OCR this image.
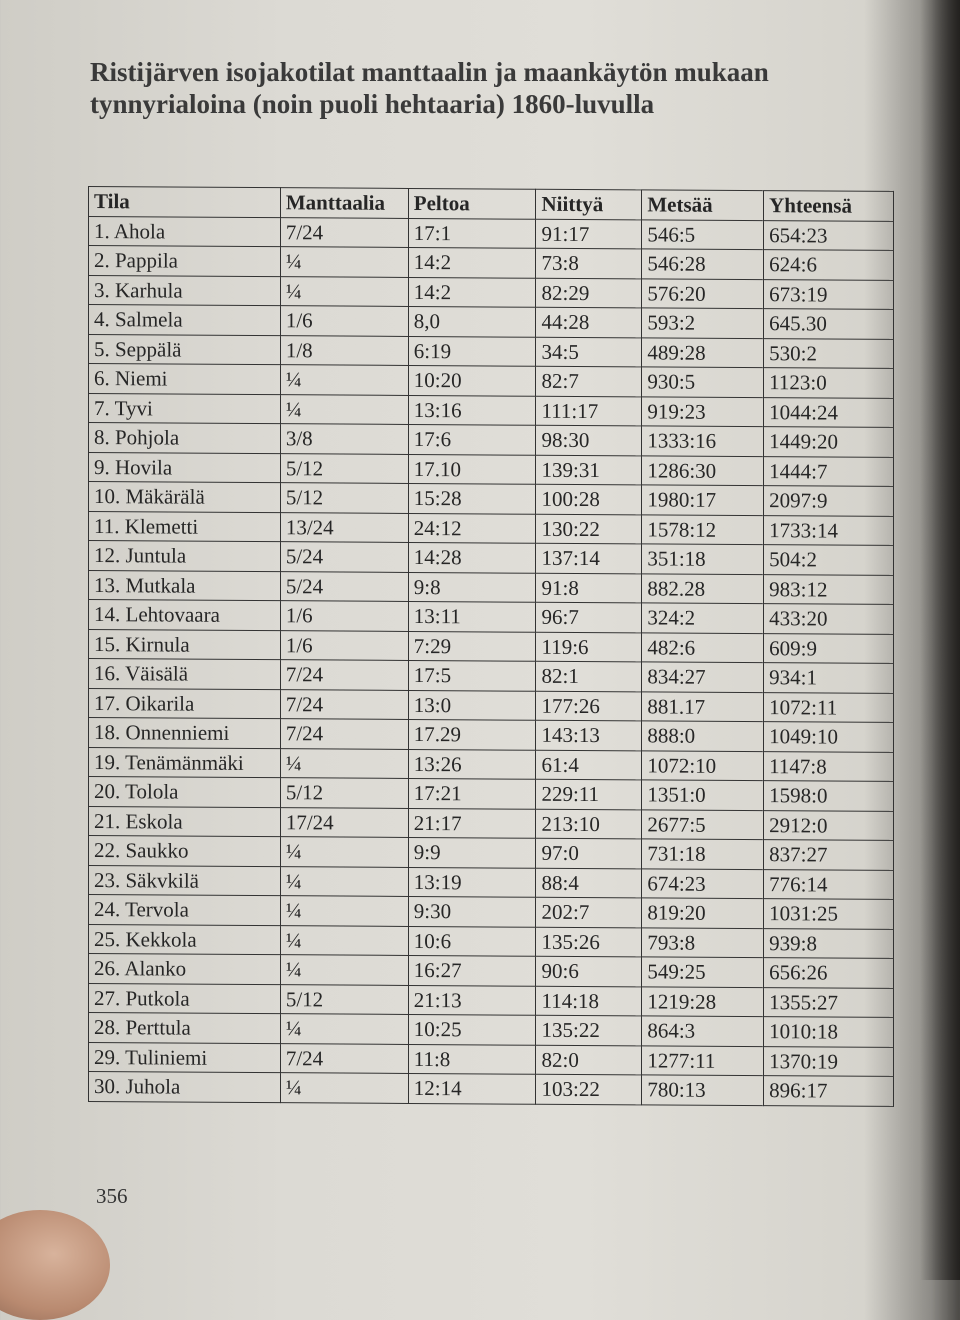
Ristijärven isojakotilat manttaalin ja maankäytön mukaan
tynnyrialoina (noin puoli hehtaaria) 1860-luvulla
Tila	Manttaalia	Peltoa	Niittyä	Metsää	Yhteensä
1. Ahola	7/24	17:1	91:17	546:5	654:23
2. Pappila	¼	14:2	73:8	546:28	624:6
3. Karhula	¼	14:2	82:29	576:20	673:19
4. Salmela	1/6	8,0	44:28	593:2	645.30
5. Seppälä	1/8	6:19	34:5	489:28	530:2
6. Niemi	¼	10:20	82:7	930:5	1123:0
7. Tyvi	¼	13:16	111:17	919:23	1044:24
8. Pohjola	3/8	17:6	98:30	1333:16	1449:20
9. Hovila	5/12	17.10	139:31	1286:30	1444:7
10. Mäkärälä	5/12	15:28	100:28	1980:17	2097:9
11. Klemetti	13/24	24:12	130:22	1578:12	1733:14
12. Juntula	5/24	14:28	137:14	351:18	504:2
13. Mutkala	5/24	9:8	91:8	882.28	983:12
14. Lehtovaara	1/6	13:11	96:7	324:2	433:20
15. Kirnula	1/6	7:29	119:6	482:6	609:9
16. Väisälä	7/24	17:5	82:1	834:27	934:1
17. Oikarila	7/24	13:0	177:26	881.17	1072:11
18. Onnenniemi	7/24	17.29	143:13	888:0	1049:10
19. Tenämänmäki	¼	13:26	61:4	1072:10	1147:8
20. Tolola	5/12	17:21	229:11	1351:0	1598:0
21. Eskola	17/24	21:17	213:10	2677:5	2912:0
22. Saukko	¼	9:9	97:0	731:18	837:27
23. Säkvkilä	¼	13:19	88:4	674:23	776:14
24. Tervola	¼	9:30	202:7	819:20	1031:25
25. Kekkola	¼	10:6	135:26	793:8	939:8
26. Alanko	¼	16:27	90:6	549:25	656:26
27. Putkola	5/12	21:13	114:18	1219:28	1355:27
28. Perttula	¼	10:25	135:22	864:3	1010:18
29. Tuliniemi	7/24	11:8	82:0	1277:11	1370:19
30. Juhola	¼	12:14	103:22	780:13	896:17
356
